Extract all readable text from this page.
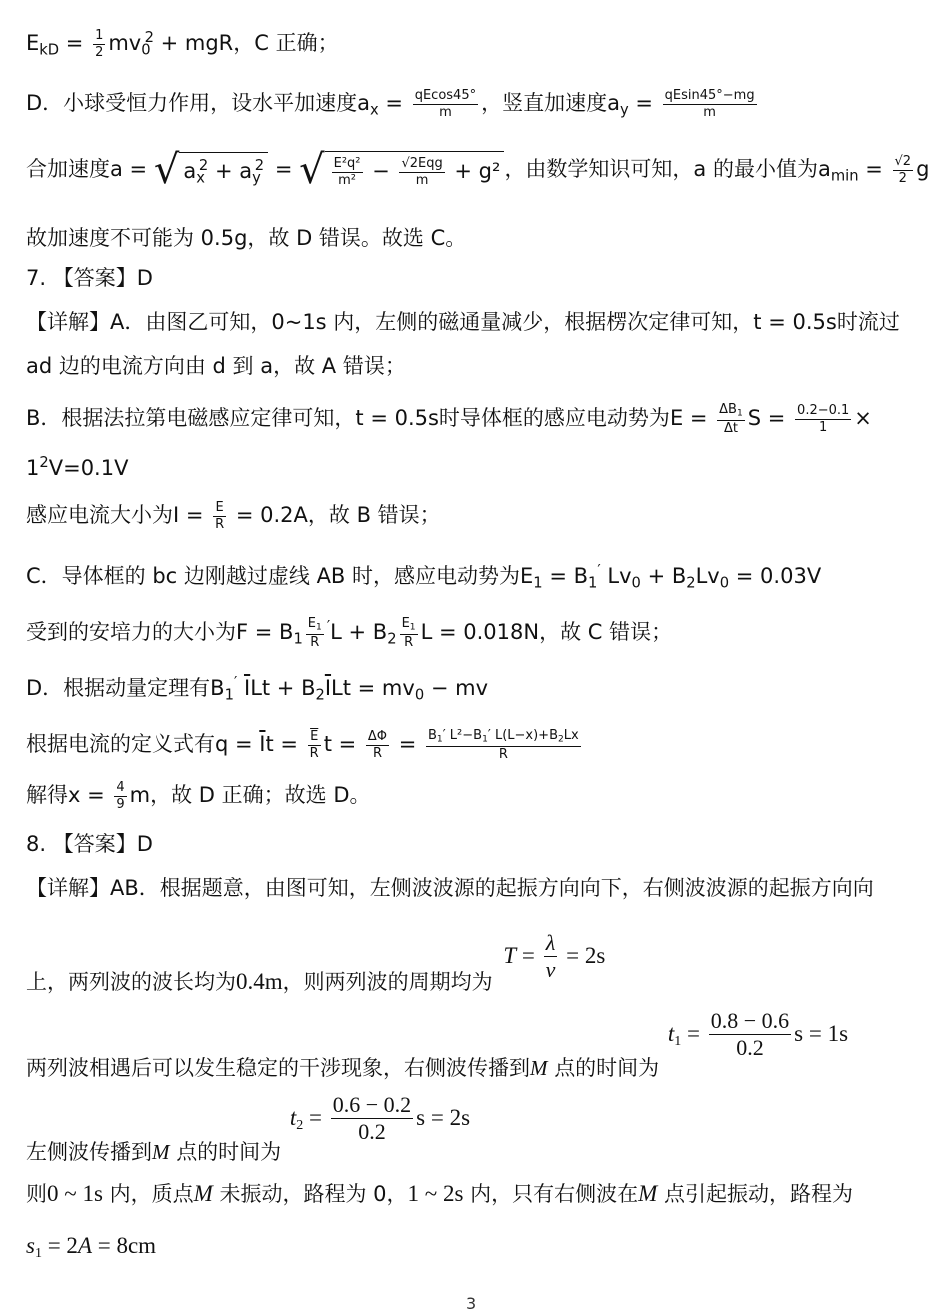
$E_{kD} = \frac{1}{2} mv_0^2$ + mgR，C 正确；
D．小球受恒力作用，设水平加速度$a_x = \frac{qEcos45^\circ}{m}$ ，竖直加速度$a_y = \frac{qEsin45^\circ-mg}{m}$
合加速度a = √ $a_x^2 + a_y^2$ = √ $\frac{\text{E²q²}}{\text{m²}} - \frac{\text{√2Eqg}}{m} + g^2$ ，由数学知识可知，a 的最小值为$a_{min} = \frac{√2}{2}$ g
故加速度不可能为 0.5g，故 D 错误。故选 C。
7. 【答案】D
【详解】A．由图乙可知，0~1s 内，左侧的磁通量减少，根据楞次定律可知，t = 0.5s时流过
ad 边的电流方向由 d 到 a，故 A 错误；
B．根据法拉第电磁感应定律可知，t = 0.5s时导体框的感应电动势为$E = \frac{\Delta B_1}{\Delta t}$ $S = \frac{0.2-0.1}{1}$ ×
$1^2V=0.1V$
感应电流大小为$I = \frac{E}{R} = 0.2A$，故 B 错误；
C．导体框的 bc 边刚越过虚线 AB 时，感应电动势为$E_1 = B_1'$ $Lv_0 + B_2Lv_0 = 0.03V$
受到的安培力的大小为$F = B_1 \frac{E_1}{R} 'L + B_2 \frac{E_1}{R}$ L = 0.018N，故 C 错误；
D．根据动量定理有$B_1'$ $\overline{I}Lt + B_2\overline{I}Lt = mv_0$ − mv
根据电流的定义式有$q = \overline{I}t = \frac{\overline{E}}{R}$ $t = \frac{\Delta\Phi}{R} = \frac{B_1' L^2-B_1' L(L-x)+B_2Lx}{R}$
解得$x = \frac{4}{9}$ m，故 D 正确；故选 D。
8. 【答案】D
【详解】AB．根据题意，由图可知，左侧波波源的起振方向向下，右侧波波源的起振方向向
上，两列波的波长均为0.4m，则两列波的周期均为 $T = \frac{\lambda}{v} = 2s$
两列波相遇后可以发生稳定的干涉现象，右侧波传播到M 点的时间为 $t_1 = \frac{0.8 - 0.6}{0.2}$ s = 1s
左侧波传播到M 点的时间为 $t_2 = \frac{0.6 - 0.2}{0.2}$ s = 2s
则0 ~ 1s 内，质点M 未振动，路程为 0，1 ~ 2s 内，只有右侧波在M 点引起振动，路程为
$s_1 = 2A = 8cm$
3
